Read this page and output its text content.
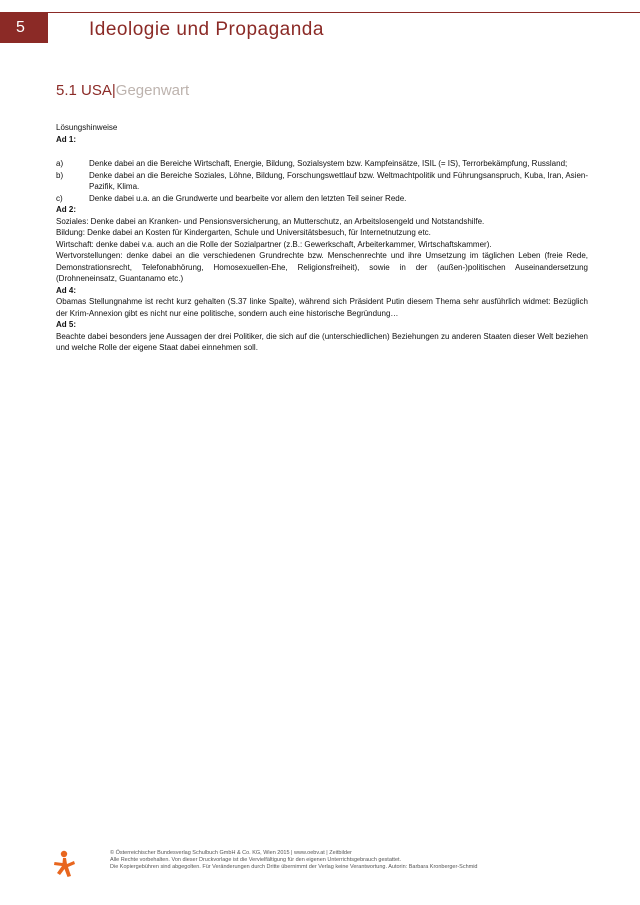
5	Ideologie und Propaganda
5.1 USA|Gegenwart

Lösungshinweise

Ad 1:

a)	Denke dabei an die Bereiche Wirtschaft, Energie, Bildung, Sozialsystem bzw. Kampfeinsätze, ISIL (= IS), Terrorbekämpfung, Russland;
b)	Denke dabei an die Bereiche Soziales, Löhne, Bildung, Forschungswettlauf bzw. Weltmachtpolitik und Führungsanspruch, Kuba, Iran, Asien-Pazifik, Klima.
c)	Denke dabei u.a. an die Grundwerte und bearbeite vor allem den letzten Teil seiner Rede.

Ad 2:

Soziales: Denke dabei an Kranken- und Pensionsversicherung, an Mutterschutz, an Arbeitslosengeld und Notstandshilfe.

Bildung: Denke dabei an Kosten für Kindergarten, Schule und Universitätsbesuch, für Internetnutzung etc.

Wirtschaft: denke dabei v.a. auch an die Rolle der Sozialpartner (z.B.: Gewerkschaft, Arbeiterkammer, Wirtschaftskammer).

Wertvorstellungen: denke dabei an die verschiedenen Grundrechte bzw. Menschenrechte und ihre Umsetzung im täglichen Leben (freie Rede, Demonstrationsrecht, Telefonabhörung, Homosexuellen-Ehe, Religionsfreiheit), sowie in der (außen-)politischen Auseinandersetzung (Drohneneinsatz, Guantanamo etc.)

Ad 4:

Obamas Stellungnahme ist recht kurz gehalten (S.37 linke Spalte), während sich Präsident Putin diesem Thema sehr ausführlich widmet: Bezüglich der Krim-Annexion gibt es nicht nur eine politische, sondern auch eine historische Begründung…

Ad 5:

Beachte dabei besonders jene Aussagen der drei Politiker, die sich auf die (unterschiedlichen) Beziehungen zu anderen Staaten dieser Welt beziehen und welche Rolle der eigene Staat dabei einnehmen soll.

© Österreichischer Bundesverlag Schulbuch GmbH & Co. KG, Wien 2015 | www.oebv.at | Zeitbilder
Alle Rechte vorbehalten. Von dieser Druckvorlage ist die Vervielfältigung für den eigenen Unterrichtsgebrauch gestattet.
Die Kopiergebühren sind abgegolten. Für Veränderungen durch Dritte übernimmt der Verlag keine Verantwortung. Autorin: Barbara Kronberger-Schmid
